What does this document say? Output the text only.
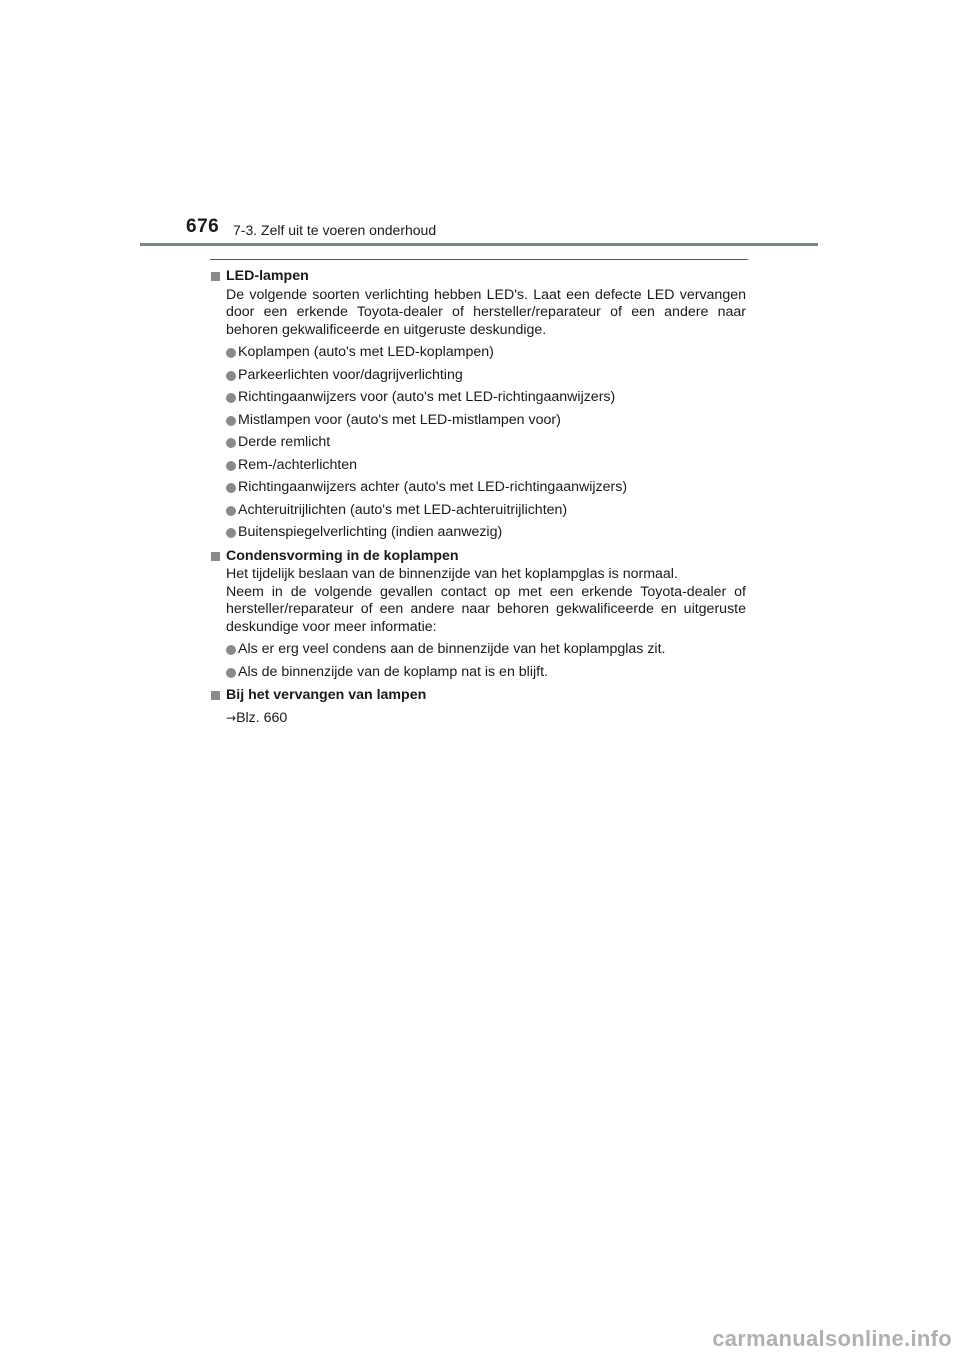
676 7-3. Zelf uit te voeren onderhoud
LED-lampen
De volgende soorten verlichting hebben LED's. Laat een defecte LED vervangen door een erkende Toyota-dealer of hersteller/reparateur of een andere naar behoren gekwalificeerde en uitgeruste deskundige.
Koplampen (auto's met LED-koplampen)
Parkeerlichten voor/dagrijverlichting
Richtingaanwijzers voor (auto's met LED-richtingaanwijzers)
Mistlampen voor (auto's met LED-mistlampen voor)
Derde remlicht
Rem-/achterlichten
Richtingaanwijzers achter (auto's met LED-richtingaanwijzers)
Achteruitrijlichten (auto's met LED-achteruitrijlichten)
Buitenspiegelverlichting (indien aanwezig)
Condensvorming in de koplampen
Het tijdelijk beslaan van de binnenzijde van het koplampglas is normaal.
Neem in de volgende gevallen contact op met een erkende Toyota-dealer of hersteller/reparateur of een andere naar behoren gekwalificeerde en uitgeruste deskundige voor meer informatie:
Als er erg veel condens aan de binnenzijde van het koplampglas zit.
Als de binnenzijde van de koplamp nat is en blijft.
Bij het vervangen van lampen
→Blz. 660
carmanualsonline.info
